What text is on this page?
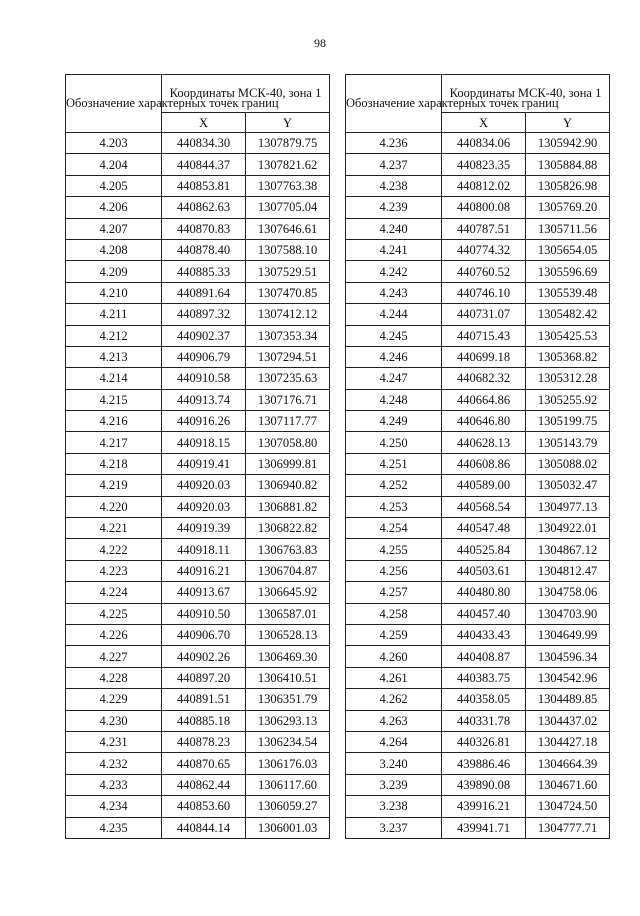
98
Обозначение характерных точек границ	Координаты МСК-40, зона 1	
	X	Y
4.203	440834.30	1307879.75
4.204	440844.37	1307821.62
4.205	440853.81	1307763.38
4.206	440862.63	1307705.04
4.207	440870.83	1307646.61
4.208	440878.40	1307588.10
4.209	440885.33	1307529.51
4.210	440891.64	1307470.85
4.211	440897.32	1307412.12
4.212	440902.37	1307353.34
4.213	440906.79	1307294.51
4.214	440910.58	1307235.63
4.215	440913.74	1307176.71
4.216	440916.26	1307117.77
4.217	440918.15	1307058.80
4.218	440919.41	1306999.81
4.219	440920.03	1306940.82
4.220	440920.03	1306881.82
4.221	440919.39	1306822.82
4.222	440918.11	1306763.83
4.223	440916.21	1306704.87
4.224	440913.67	1306645.92
4.225	440910.50	1306587.01
4.226	440906.70	1306528.13
4.227	440902.26	1306469.30
4.228	440897.20	1306410.51
4.229	440891.51	1306351.79
4.230	440885.18	1306293.13
4.231	440878.23	1306234.54
4.232	440870.65	1306176.03
4.233	440862.44	1306117.60
4.234	440853.60	1306059.27
4.235	440844.14	1306001.03
Обозначение характерных точек границ	Координаты МСК-40, зона 1	
	X	Y
4.236	440834.06	1305942.90
4.237	440823.35	1305884.88
4.238	440812.02	1305826.98
4.239	440800.08	1305769.20
4.240	440787.51	1305711.56
4.241	440774.32	1305654.05
4.242	440760.52	1305596.69
4.243	440746.10	1305539.48
4.244	440731.07	1305482.42
4.245	440715.43	1305425.53
4.246	440699.18	1305368.82
4.247	440682.32	1305312.28
4.248	440664.86	1305255.92
4.249	440646.80	1305199.75
4.250	440628.13	1305143.79
4.251	440608.86	1305088.02
4.252	440589.00	1305032.47
4.253	440568.54	1304977.13
4.254	440547.48	1304922.01
4.255	440525.84	1304867.12
4.256	440503.61	1304812.47
4.257	440480.80	1304758.06
4.258	440457.40	1304703.90
4.259	440433.43	1304649.99
4.260	440408.87	1304596.34
4.261	440383.75	1304542.96
4.262	440358.05	1304489.85
4.263	440331.78	1304437.02
4.264	440326.81	1304427.18
3.240	439886.46	1304664.39
3.239	439890.08	1304671.60
3.238	439916.21	1304724.50
3.237	439941.71	1304777.71
